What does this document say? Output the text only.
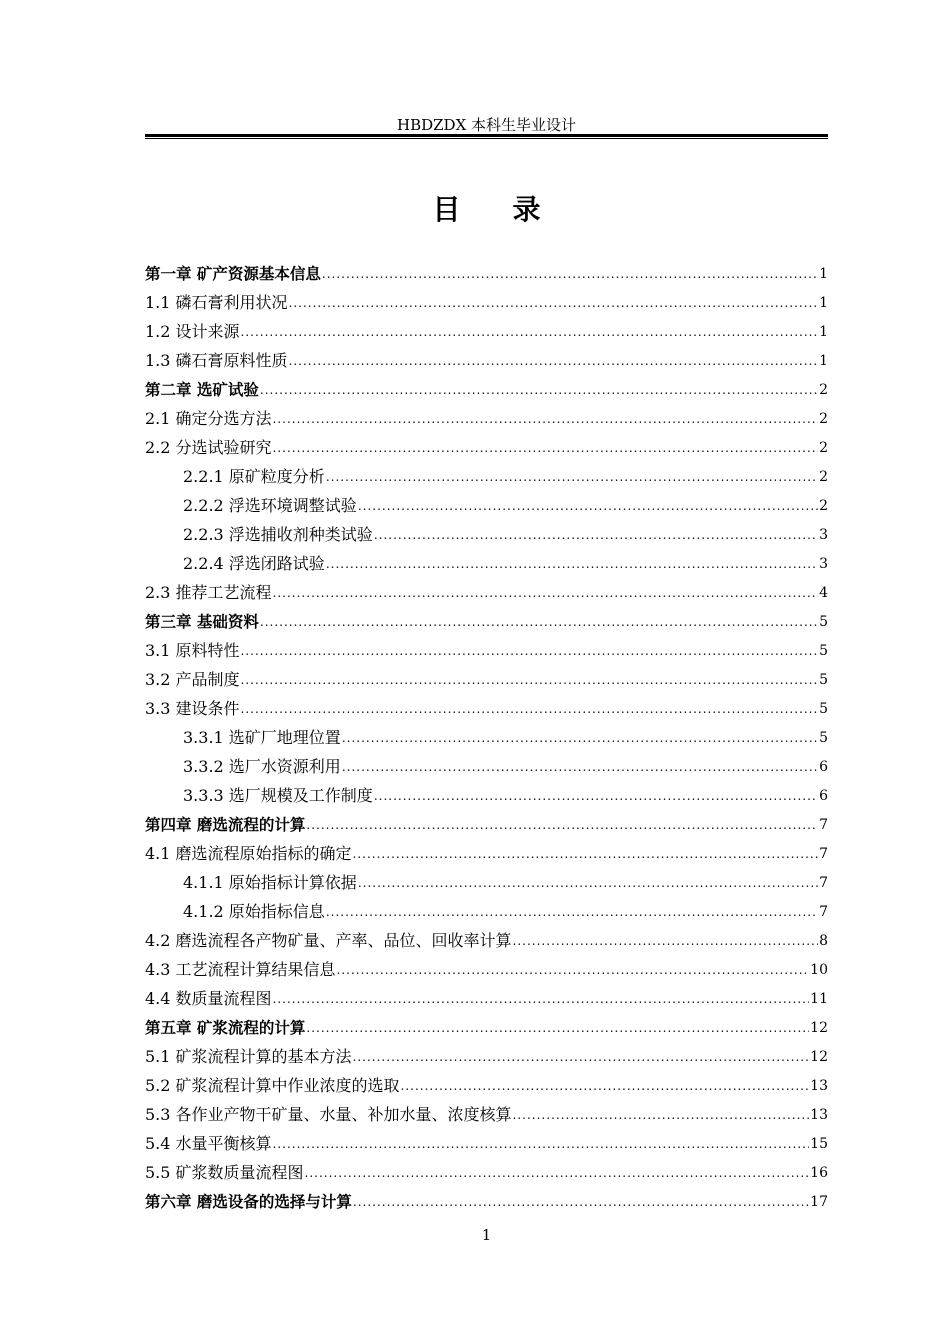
HBDZDX 本科生毕业设计
目录
第一章 矿产资源基本信息 .....	1
1.1 磷石膏利用状况 .....	1
1.2 设计来源 .....	1
1.3 磷石膏原料性质 .....	1
第二章 选矿试验 .....	2
2.1 确定分选方法 .....	2
2.2 分选试验研究 .....	2
2.2.1 原矿粒度分析 .....	2
2.2.2 浮选环境调整试验 .....	2
2.2.3 浮选捕收剂种类试验 .....	3
2.2.4 浮选闭路试验 .....	3
2.3 推荐工艺流程 .....	4
第三章 基础资料 .....	5
3.1 原料特性 .....	5
3.2 产品制度 .....	5
3.3 建设条件 .....	5
3.3.1 选矿厂地理位置 .....	5
3.3.2 选厂水资源利用 .....	6
3.3.3 选厂规模及工作制度 .....	6
第四章 磨选流程的计算 .....	7
4.1 磨选流程原始指标的确定 .....	7
4.1.1 原始指标计算依据 .....	7
4.1.2 原始指标信息 .....	7
4.2 磨选流程各产物矿量、产率、品位、回收率计算 .....	8
4.3 工艺流程计算结果信息 .....	10
4.4 数质量流程图 .....	11
第五章 矿浆流程的计算 .....	12
5.1 矿浆流程计算的基本方法 .....	12
5.2 矿浆流程计算中作业浓度的选取 .....	13
5.3 各作业产物干矿量、水量、补加水量、浓度核算 .....	13
5.4 水量平衡核算 .....	15
5.5 矿浆数质量流程图 .....	16
第六章 磨选设备的选择与计算 .....	17
1
